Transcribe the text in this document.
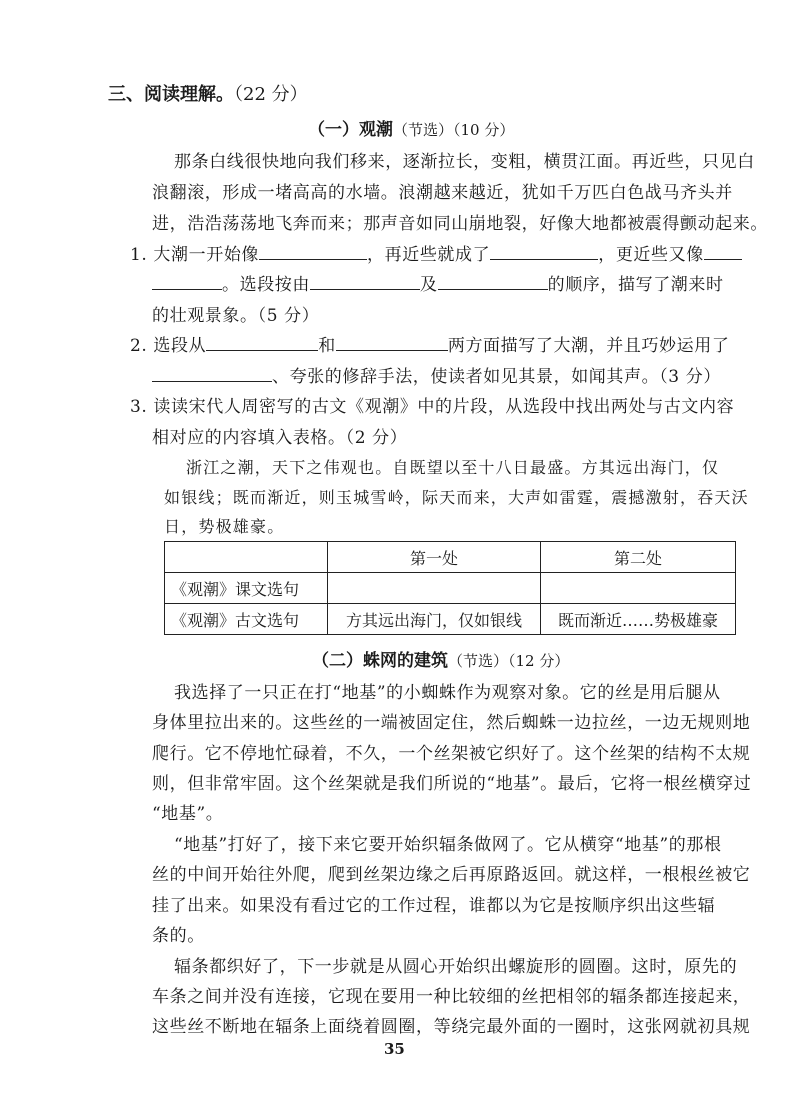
三、阅读理解。（22 分）
（一）观潮（节选）（10 分）
那条白线很快地向我们移来，逐渐拉长，变粗，横贯江面。再近些，只见白
浪翻滚，形成一堵高高的水墙。浪潮越来越近，犹如千万匹白色战马齐头并
进，浩浩荡荡地飞奔而来；那声音如同山崩地裂，好像大地都被震得颤动起来。
1. 大潮一开始像	，再近些就成了	，更近些又像
。选段按由	及	的顺序，描写了潮来时
的壮观景象。（5 分）
2. 选段从	和	两方面描写了大潮，并且巧妙运用了
、夸张的修辞手法，使读者如见其景，如闻其声。（3 分）
3. 读读宋代人周密写的古文《观潮》中的片段，从选段中找出两处与古文内容
相对应的内容填入表格。（2 分）
浙江之潮，天下之伟观也。自既望以至十八日最盛。方其远出海门，仅
如银线；既而渐近，则玉城雪岭，际天而来，大声如雷霆，震撼激射，吞天沃
日，势极雄豪。
	第一处	第二处
《观潮》课文选句		
《观潮》古文选句	方其远出海门，仅如银线	既而渐近……势极雄豪
（二）蛛网的建筑（节选）（12 分）
我选择了一只正在打“地基”的小蜘蛛作为观察对象。它的丝是用后腿从
身体里拉出来的。这些丝的一端被固定住，然后蜘蛛一边拉丝，一边无规则地
爬行。它不停地忙碌着，不久，一个丝架被它织好了。这个丝架的结构不太规
则，但非常牢固。这个丝架就是我们所说的“地基”。最后，它将一根丝横穿过
“地基”。
“地基”打好了，接下来它要开始织辐条做网了。它从横穿“地基”的那根
丝的中间开始往外爬，爬到丝架边缘之后再原路返回。就这样，一根根丝被它
挂了出来。如果没有看过它的工作过程，谁都以为它是按顺序织出这些辐
条的。
辐条都织好了，下一步就是从圆心开始织出螺旋形的圆圈。这时，原先的
车条之间并没有连接，它现在要用一种比较细的丝把相邻的辐条都连接起来，
这些丝不断地在辐条上面绕着圆圈，等绕完最外面的一圈时，这张网就初具规
35
